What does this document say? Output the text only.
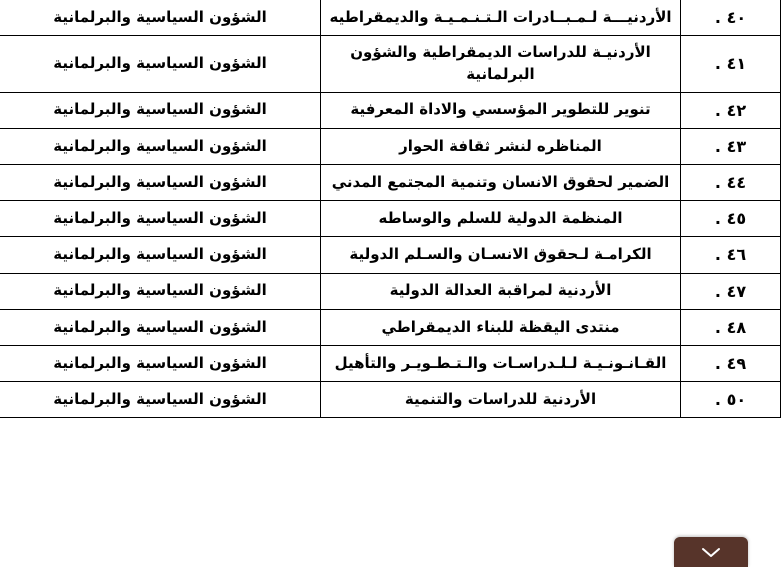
٤٠ .	الأردنيـــة لـمـبــادرات الـتـنـمـيـة والديمقراطيه	الشؤون السياسية والبرلمانية
٤١ .	الأردنيـة للدراسات الديمقراطية والشؤون البرلمانية	الشؤون السياسية والبرلمانية
٤٢ .	تنوير للتطوير المؤسسي والاداة المعرفية	الشؤون السياسية والبرلمانية
٤٣ .	المناظره لنشر ثقافة الحوار	الشؤون السياسية والبرلمانية
٤٤ .	الضمير لحقوق الانسان وتنمية المجتمع المدني	الشؤون السياسية والبرلمانية
٤٥ .	المنظمة الدولية للسلم والوساطه	الشؤون السياسية والبرلمانية
٤٦ .	الكرامـة لـحقوق الانسـان والسـلم الدولية	الشؤون السياسية والبرلمانية
٤٧ .	الأردنية لمراقبة العدالة الدولية	الشؤون السياسية والبرلمانية
٤٨ .	منتدى اليقظة للبناء الديمقراطي	الشؤون السياسية والبرلمانية
٤٩ .	القـانـونـيـة لـلـدراسـات والـتـطـويـر والتأهيل	الشؤون السياسية والبرلمانية
٥٠ .	الأردنية للدراسات والتنمية	الشؤون السياسية والبرلمانية
